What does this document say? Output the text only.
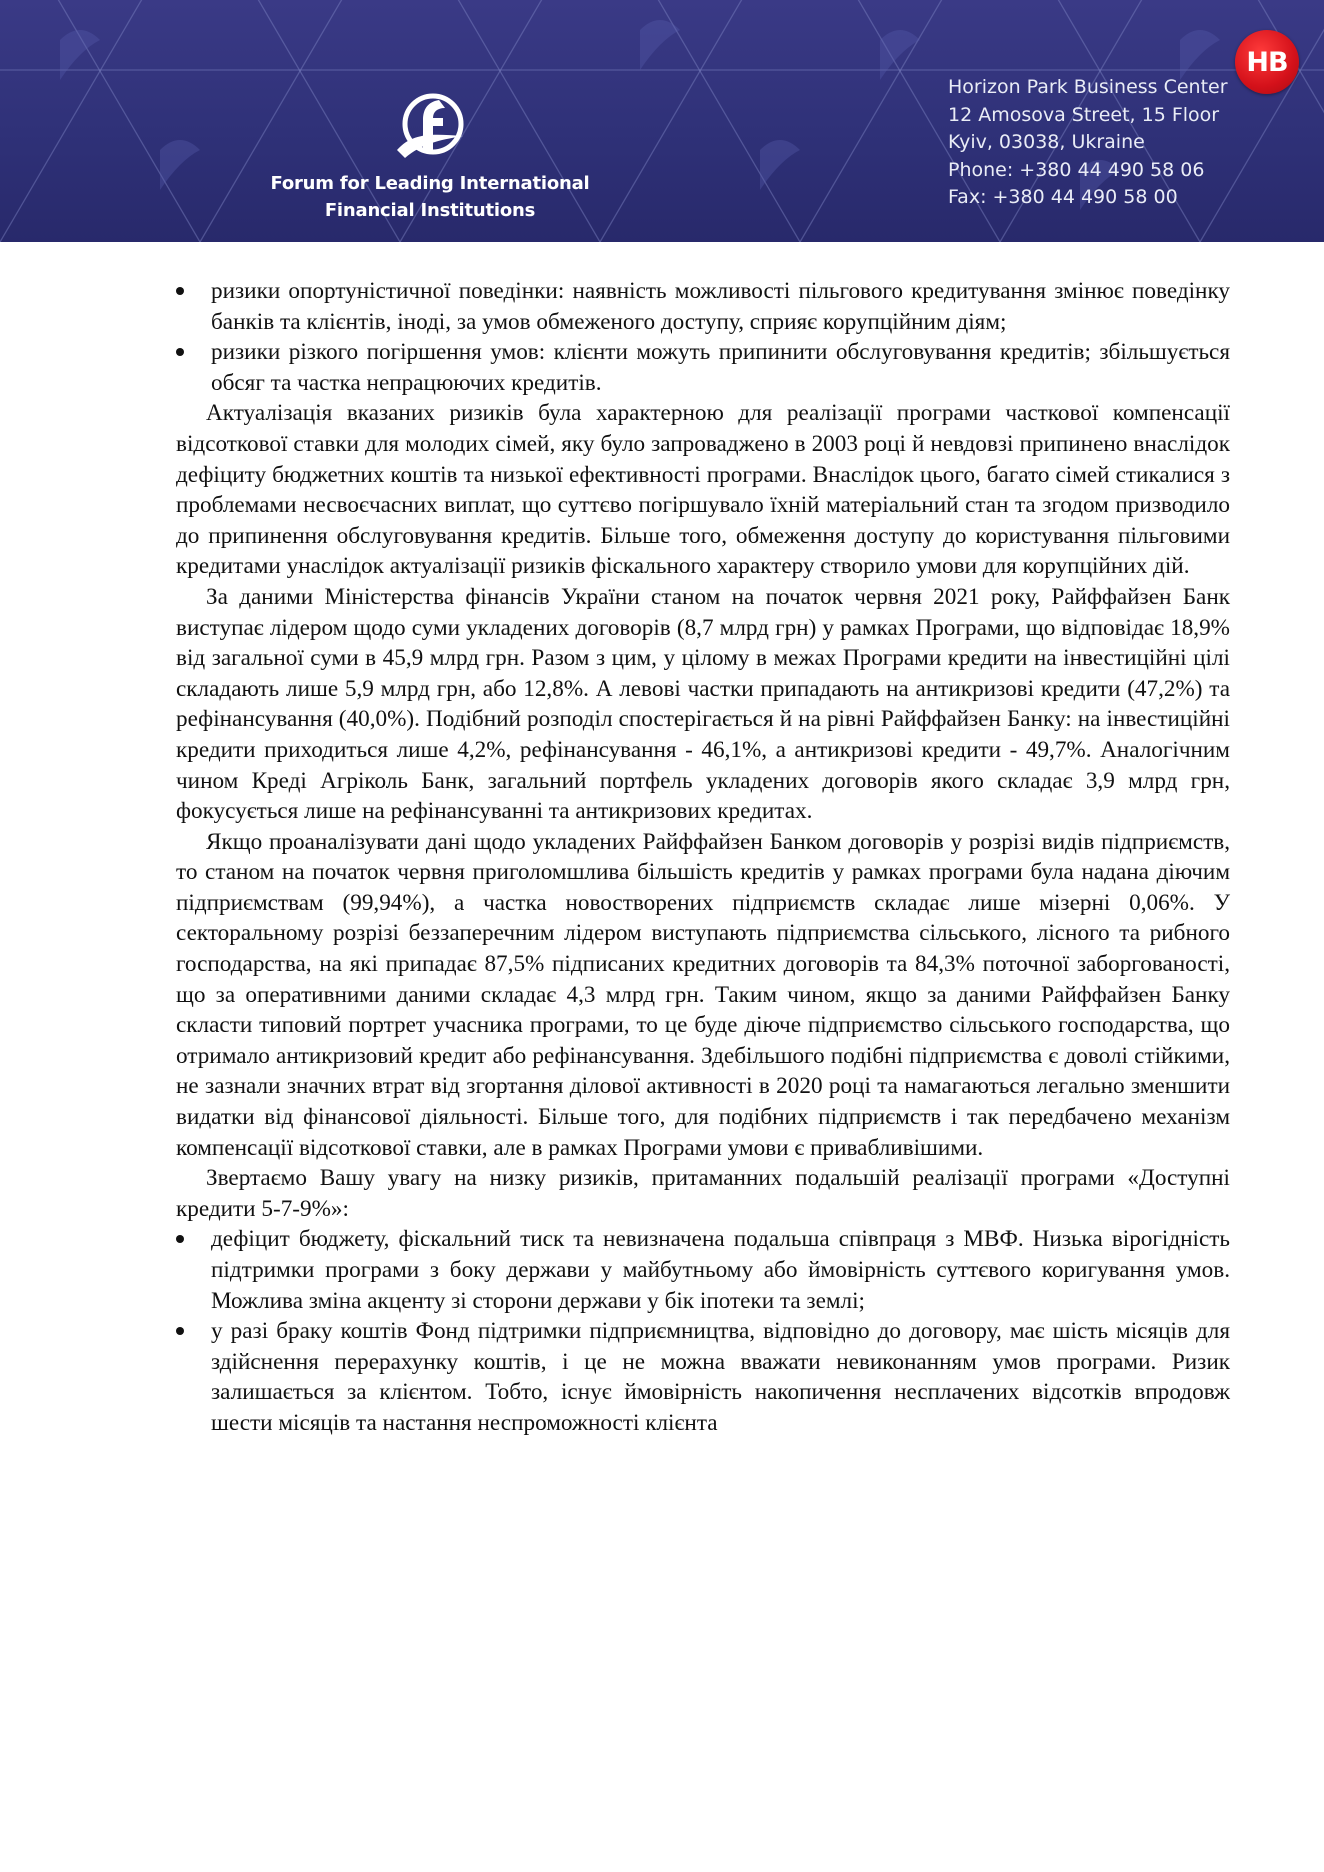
Forum for Leading International
Financial Institutions
Horizon Park Business Center
12 Amosova Street, 15 Floor
Kyiv, 03038, Ukraine
Phone: +380 44 490 58 06
Fax: +380 44 490 58 00
НВ
ризики опортуністичної поведінки: наявність можливості пільгового кредитування змінює поведінку банків та клієнтів, іноді, за умов обмеженого доступу, сприяє корупційним діям;
ризики різкого погіршення умов: клієнти можуть припинити обслуговування кредитів; збільшується обсяг та частка непрацюючих кредитів.

Актуалізація вказаних ризиків була характерною для реалізації програми часткової компенсації відсоткової ставки для молодих сімей, яку було запроваджено в 2003 році й невдовзі припинено внаслідок дефіциту бюджетних коштів та низької ефективності програми. Внаслідок цього, багато сімей стикалися з проблемами несвоєчасних виплат, що суттєво погіршувало їхній матеріальний стан та згодом призводило до припинення обслуговування кредитів. Більше того, обмеження доступу до користування пільговими кредитами унаслідок актуалізації ризиків фіскального характеру створило умови для корупційних дій.

За даними Міністерства фінансів України станом на початок червня 2021 року, Райффайзен Банк виступає лідером щодо суми укладених договорів (8,7 млрд грн) у рамках Програми, що відповідає 18,9% від загальної суми в 45,9 млрд грн. Разом з цим, у цілому в межах Програми кредити на інвестиційні цілі складають лише 5,9 млрд грн, або 12,8%. А левові частки припадають на антикризові кредити (47,2%) та рефінансування (40,0%). Подібний розподіл спостерігається й на рівні Райффайзен Банку: на інвестиційні кредити приходиться лише 4,2%, рефінансування - 46,1%, а антикризові кредити - 49,7%. Аналогічним чином Креді Агріколь Банк, загальний портфель укладених договорів якого складає 3,9 млрд грн, фокусується лише на рефінансуванні та антикризових кредитах.

Якщо проаналізувати дані щодо укладених Райффайзен Банком договорів у розрізі видів підприємств, то станом на початок червня приголомшлива більшість кредитів у рамках програми була надана діючим підприємствам (99,94%), а частка новостворених підприємств складає лише мізерні 0,06%. У секторальному розрізі беззаперечним лідером виступають підприємства сільського, лісного та рибного господарства, на які припадає 87,5% підписаних кредитних договорів та 84,3% поточної заборгованості, що за оперативними даними складає 4,3 млрд грн. Таким чином, якщо за даними Райффайзен Банку скласти типовий портрет учасника програми, то це буде діюче підприємство сільського господарства, що отримало антикризовий кредит або рефінансування. Здебільшого подібні підприємства є доволі стійкими, не зазнали значних втрат від згортання ділової активності в 2020 році та намагаються легально зменшити видатки від фінансової діяльності. Більше того, для подібних підприємств і так передбачено механізм компенсації відсоткової ставки, але в рамках Програми умови є привабливішими.

Звертаємо Вашу увагу на низку ризиків, притаманних подальшій реалізації програми «Доступні кредити 5-7-9%»:

дефіцит бюджету, фіскальний тиск та невизначена подальша співпраця з МВФ. Низька вірогідність підтримки програми з боку держави у майбутньому або ймовірність суттєвого коригування умов. Можлива зміна акценту зі сторони держави у бік іпотеки та землі;
у разі браку коштів Фонд підтримки підприємництва, відповідно до договору, має шість місяців для здійснення перерахунку коштів, і це не можна вважати невиконанням умов програми. Ризик залишається за клієнтом. Тобто, існує ймовірність накопичення несплачених відсотків впродовж шести місяців та настання неспроможності клієнта
